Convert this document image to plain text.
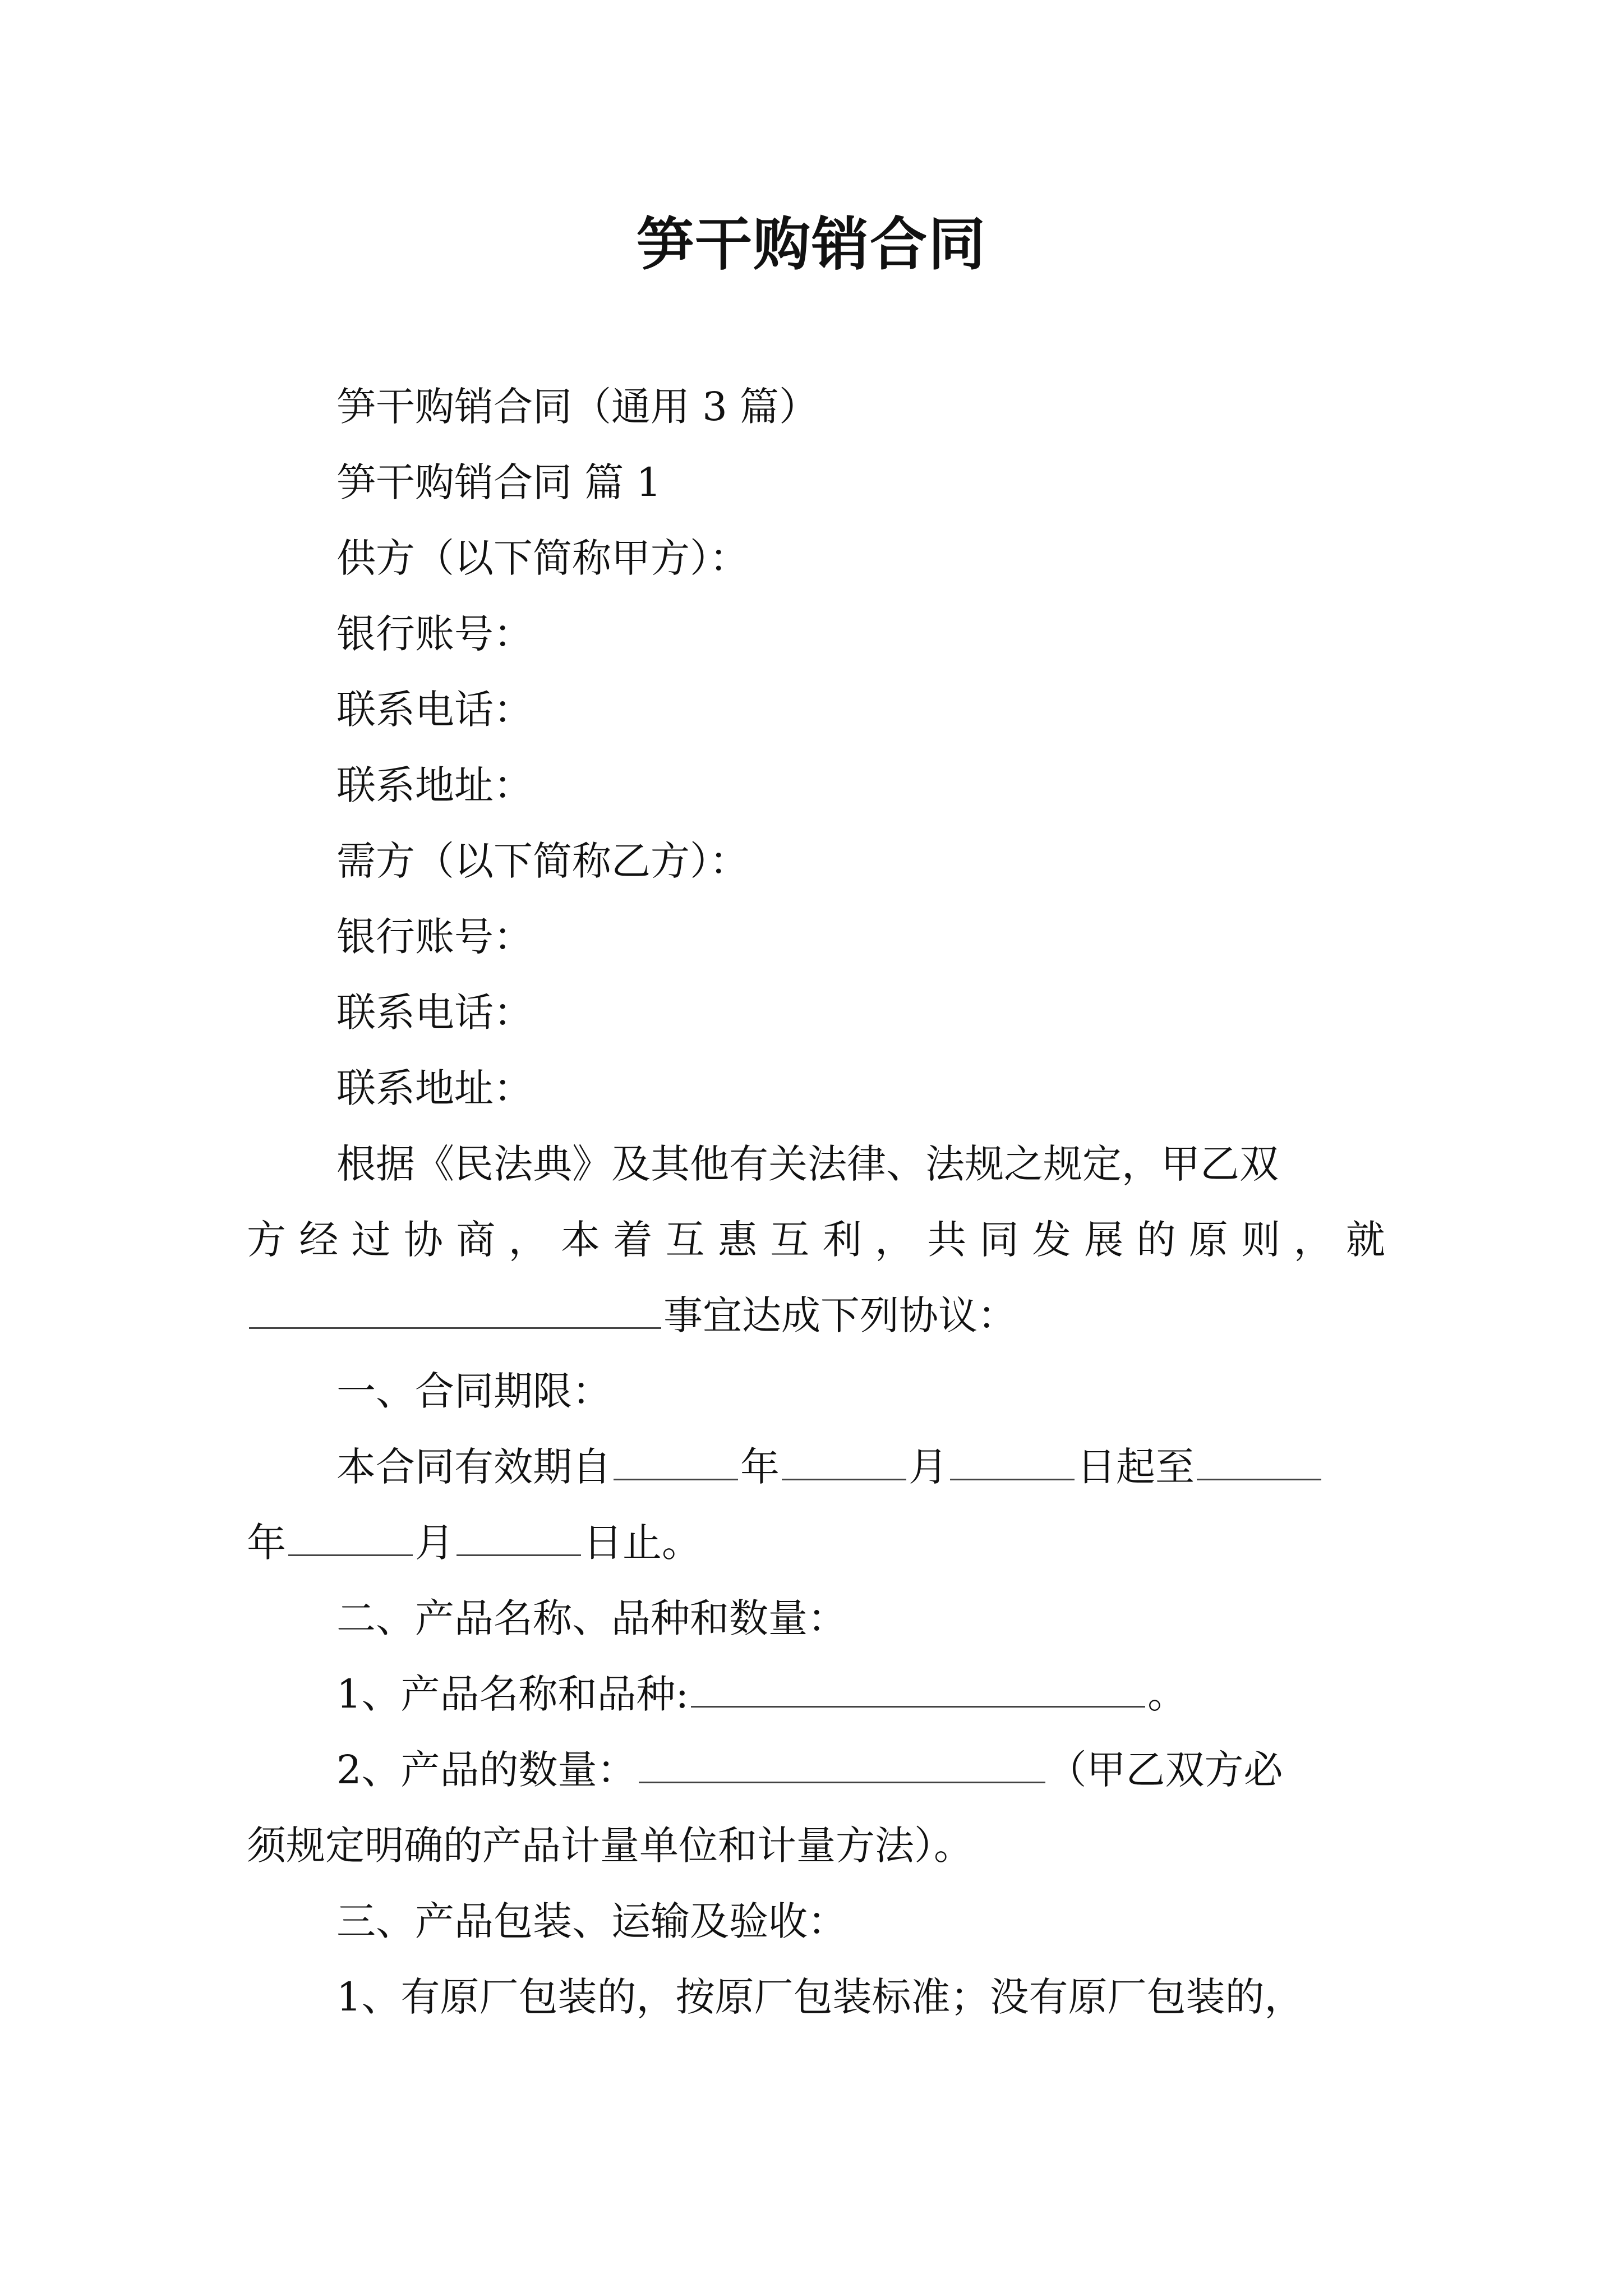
笋干购销合同
笋干购销合同（通用 3 篇）
笋干购销合同 篇 1
供方（以下简称甲方）：
银行账号：
联系电话：
联系地址：
需方（以下简称乙方）：
银行账号：
联系电话：
联系地址：
根据《民法典》及其他有关法律、法规之规定，甲乙双
方 经 过 协 商 ， 本 着 互 惠 互 利 ， 共 同 发 展 的 原 则 ， 就
事宜达成下列协议：
一、合同期限：
本合同有效期自	年	月	日起至
年	月	日止。
二、产品名称、品种和数量：
1、产品名称和品种:	。
2、产品的数量：	（甲乙双方必
须规定明确的产品计量单位和计量方法）。
三、产品包装、运输及验收：
1、有原厂包装的，按原厂包装标准；没有原厂包装的，
